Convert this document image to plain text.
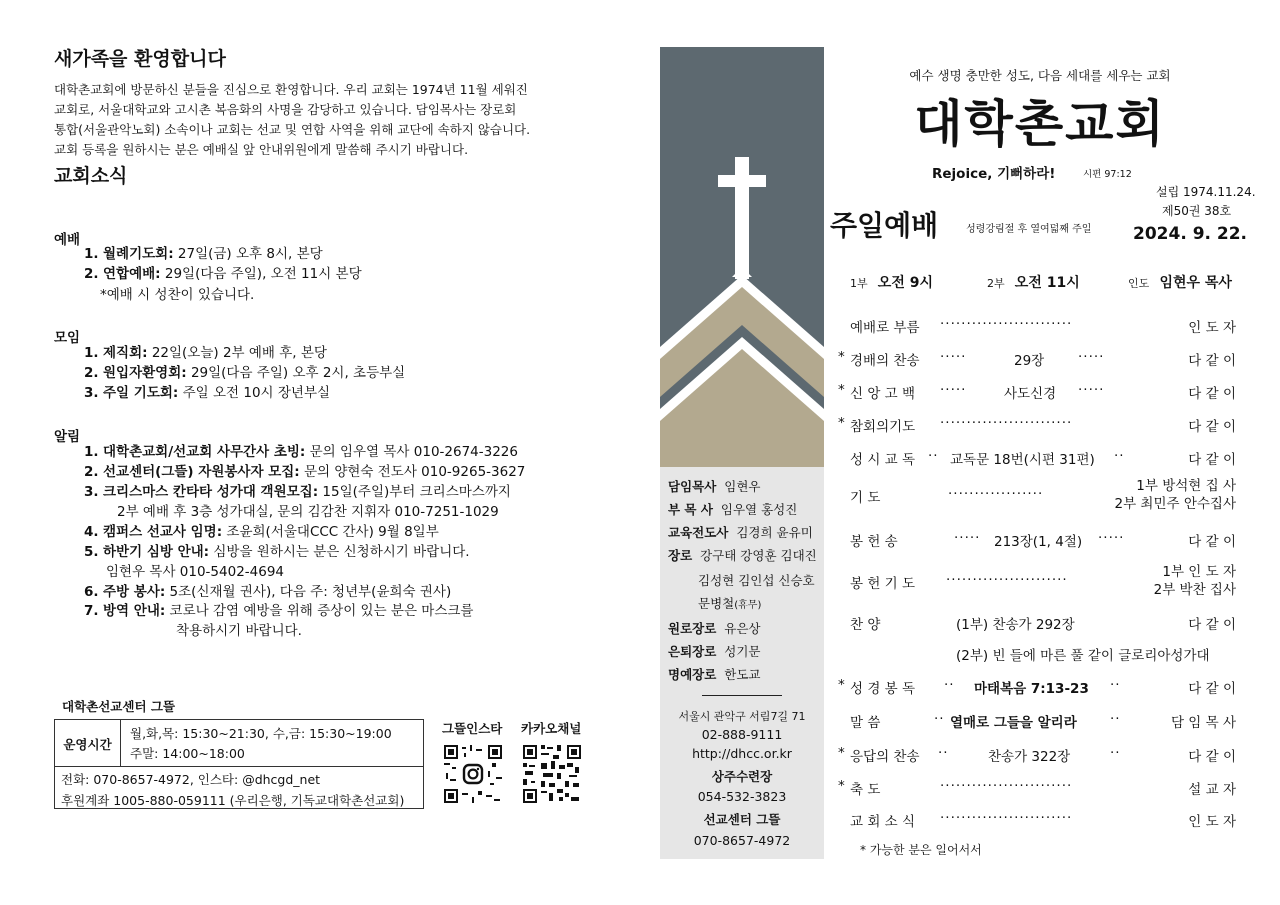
새가족을 환영합니다
대학촌교회에 방문하신 분들을 진심으로 환영합니다. 우리 교회는 1974년 11월 세워진
교회로, 서울대학교와 고시촌 복음화의 사명을 감당하고 있습니다. 담임목사는 장로회
통합(서울관악노회) 소속이나 교회는 선교 및 연합 사역을 위해 교단에 속하지 않습니다.
교회 등록을 원하시는 분은 예배실 앞 안내위원에게 말씀해 주시기 바랍니다.
교회소식
예배
1. 월례기도회: 27일(금) 오후 8시, 본당
2. 연합예배: 29일(다음 주일), 오전 11시 본당
*예배 시 성찬이 있습니다.
모임
1. 제직회: 22일(오늘) 2부 예배 후, 본당
2. 원입자환영회: 29일(다음 주일) 오후 2시, 초등부실
3. 주일 기도회: 주일 오전 10시 장년부실
알림
1. 대학촌교회/선교회 사무간사 초빙: 문의 임우열 목사 010-2674-3226
2. 선교센터(그뜰) 자원봉사자 모집: 문의 양현숙 전도사 010-9265-3627
3. 크리스마스 칸타타 성가대 객원모집: 15일(주일)부터 크리스마스까지
2부 예배 후 3층 성가대실, 문의 김감찬 지휘자 010-7251-1029
4. 캠퍼스 선교사 임명: 조윤희(서울대CCC 간사) 9월 8일부
5. 하반기 심방 안내: 심방을 원하시는 분은 신청하시기 바랍니다.
임현우 목사 010-5402-4694
6. 주방 봉사: 5조(신재월 권사), 다음 주: 청년부(윤희숙 권사)
7. 방역 안내: 코로나 감염 예방을 위해 증상이 있는 분은 마스크를
착용하시기 바랍니다.
대학촌선교센터 그뜰
운영시간
월,화,목: 15:30~21:30, 수,금: 15:30~19:00
주말: 14:00~18:00
전화: 070-8657-4972, 인스타: @dhcgd_net
후원계좌 1005-880-059111 (우리은행, 기독교대학촌선교회)
그뜰인스타 카카오채널
담임목사 임현우
부 목 사 임우열 홍성진
교육전도사 김경희 윤유미
장로 강구태 강영훈 김대진
김성현 김인섭 신승호
문병철(휴무)
원로장로 유은상
은퇴장로 성기문
명예장로 한도교
서울시 관악구 서림7길 71
02-888-9111
http://dhcc.or.kr
상주수련장
054-532-3823
선교센터 그뜰
070-8657-4972
예수 생명 충만한 성도, 다음 세대를 세우는 교회
대학촌교회
Rejoice, 기뻐하라!	시편 97:12
설립 1974.11.24.
제50권 38호
주일예배	성령강림절 후 열여덟째 주일 2024. 9. 22.
1부 오전 9시	2부 오전 11시	인도 임현우 목사
예배로 부름 ·························	인 도 자
* 경배의 찬송 ·····	29장	·····	다 같 이
* 신 앙 고 백 ·····	사도신경 ·····	다 같 이
* 참회의기도 ·························	다 같 이
성 시 교 독 ·· 교독문 18번(시편 31편) ··	다 같 이
기 도	··················	1부 방석현 집 사
2부 최민주 안수집사
봉 헌 송	····· 213장(1, 4절) ·····	다 같 이
봉 헌 기 도 ·······················	1부 인 도 자
2부 박찬 집사
찬 양	(1부) 찬송가 292장	다 같 이
(2부) 빈 들에 마른 풀 같이 글로리아성가대
* 성 경 봉 독 ·· 마태복음 7:13-23 ··	다 같 이
말 씀	·· 열매로 그들을 알리라 ··	담 임 목 사
* 응답의 찬송 ··	찬송가 322장	··	다 같 이
* 축 도	·························	설 교 자
교 회 소 식 ·························	인 도 자
* 가능한 분은 일어서서
